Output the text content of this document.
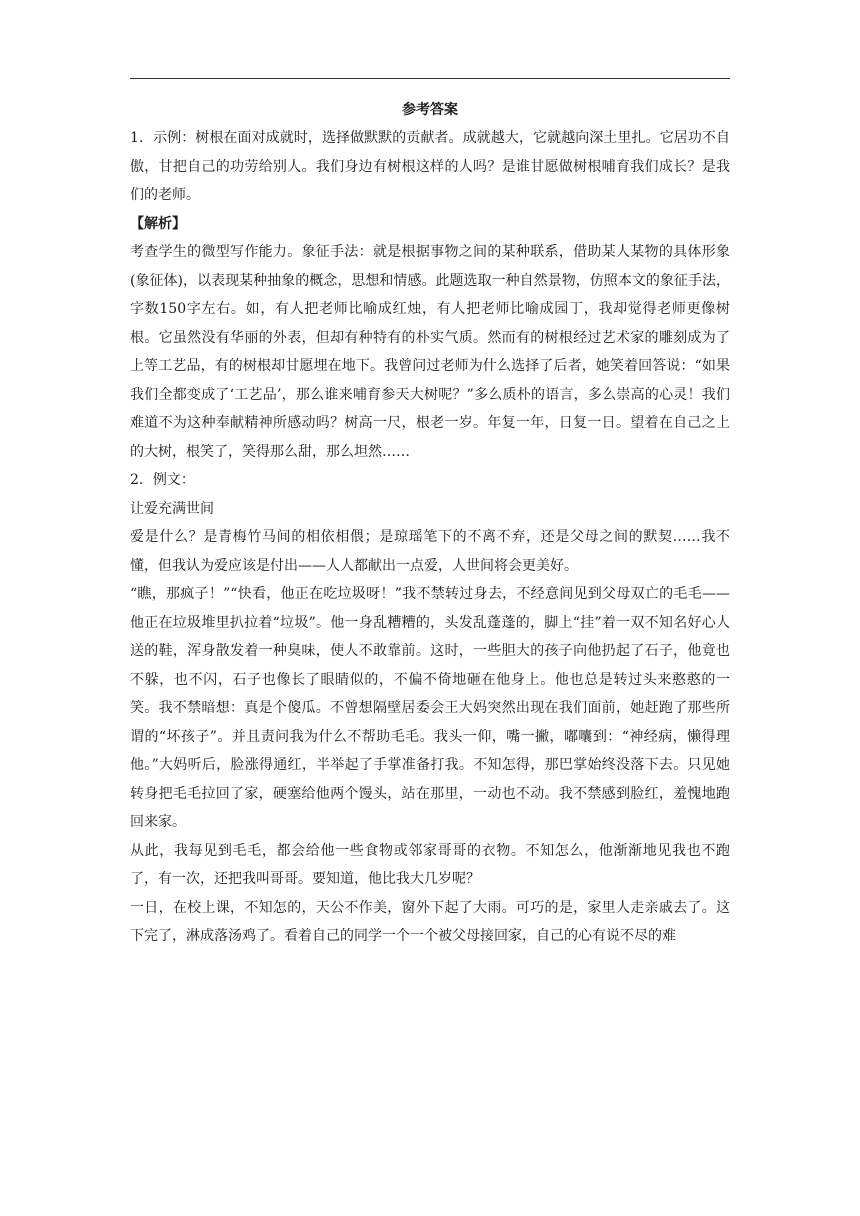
参考答案

1．示例：树根在面对成就时，选择做默默的贡献者。成就越大，它就越向深土里扎。它居功不自傲，甘把自己的功劳给别人。我们身边有树根这样的人吗？是谁甘愿做树根哺育我们成长？是我们的老师。

【解析】

考查学生的微型写作能力。象征手法：就是根据事物之间的某种联系，借助某人某物的具体形象(象征体)，以表现某种抽象的概念，思想和情感。此题选取一种自然景物，仿照本文的象征手法，字数150字左右。如，有人把老师比喻成红烛，有人把老师比喻成园丁，我却觉得老师更像树根。它虽然没有华丽的外表，但却有种特有的朴实气质。然而有的树根经过艺术家的雕刻成为了上等工艺品，有的树根却甘愿埋在地下。我曾问过老师为什么选择了后者，她笑着回答说：“如果我们全都变成了‘工艺品’，那么谁来哺育参天大树呢？”多么质朴的语言，多么崇高的心灵！我们难道不为这种奉献精神所感动吗？树高一尺，根老一岁。年复一年，日复一日。望着在自己之上的大树，根笑了，笑得那么甜，那么坦然……

2．例文：

让爱充满世间

爱是什么？是青梅竹马间的相依相偎；是琼瑶笔下的不离不弃，还是父母之间的默契……我不懂，但我认为爱应该是付出——人人都献出一点爱，人世间将会更美好。

“瞧，那疯子！”“快看，他正在吃垃圾呀！”我不禁转过身去，不经意间见到父母双亡的毛毛——他正在垃圾堆里扒拉着“垃圾”。他一身乱糟糟的，头发乱蓬蓬的，脚上“挂”着一双不知名好心人送的鞋，浑身散发着一种臭味，使人不敢靠前。这时，一些胆大的孩子向他扔起了石子，他竟也不躲，也不闪，石子也像长了眼睛似的，不偏不倚地砸在他身上。他也总是转过头来憨憨的一笑。我不禁暗想：真是个傻瓜。不曾想隔壁居委会王大妈突然出现在我们面前，她赶跑了那些所谓的“坏孩子”。并且责问我为什么不帮助毛毛。我头一仰，嘴一撇，嘟囔到：“神经病，懒得理他。”大妈听后，脸涨得通红，半举起了手掌准备打我。不知怎得，那巴掌始终没落下去。只见她转身把毛毛拉回了家，硬塞给他两个馒头，站在那里，一动也不动。我不禁感到脸红，羞愧地跑回来家。

从此，我每见到毛毛，都会给他一些食物或邻家哥哥的衣物。不知怎么，他渐渐地见我也不跑了，有一次，还把我叫哥哥。要知道，他比我大几岁呢？

一日，在校上课，不知怎的，天公不作美，窗外下起了大雨。可巧的是，家里人走亲戚去了。这下完了，淋成落汤鸡了。看着自己的同学一个一个被父母接回家，自己的心有说不尽的难
